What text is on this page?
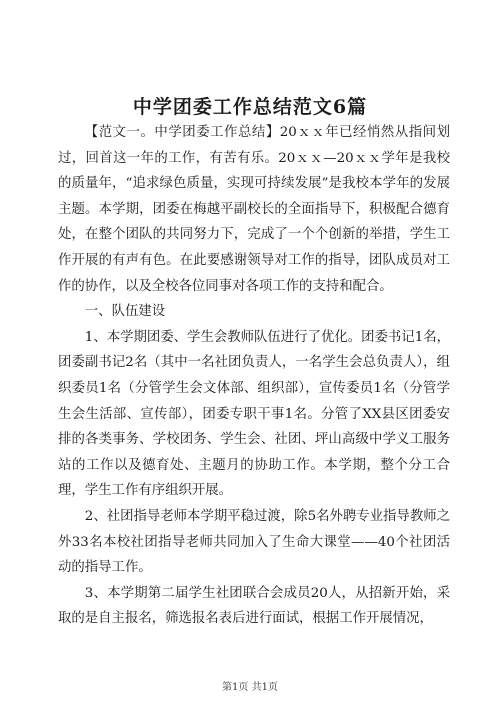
中学团委工作总结范文6篇

【范文一。中学团委工作总结】20ｘｘ年已经悄然从指间划过，回首这一年的工作，有苦有乐。20ｘｘ—20ｘｘ学年是我校的质量年，“追求绿色质量，实现可持续发展”是我校本学年的发展主题。本学期，团委在梅越平副校长的全面指导下，积极配合德育处，在整个团队的共同努力下，完成了一个个创新的举措，学生工作开展的有声有色。在此要感谢领导对工作的指导，团队成员对工作的协作，以及全校各位同事对各项工作的支持和配合。

一、队伍建设

1、本学期团委、学生会教师队伍进行了优化。团委书记1名，团委副书记2名（其中一名社团负责人，一名学生会总负责人），组织委员1名（分管学生会文体部、组织部），宣传委员1名（分管学生会生活部、宣传部），团委专职干事1名。分管了XX县区团委安排的各类事务、学校团务、学生会、社团、坪山高级中学义工服务站的工作以及德育处、主题月的协助工作。本学期，整个分工合理，学生工作有序组织开展。

2、社团指导老师本学期平稳过渡，除5名外聘专业指导教师之外33名本校社团指导老师共同加入了生命大课堂——40个社团活动的指导工作。

3、本学期第二届学生社团联合会成员20人，从招新开始，采取的是自主报名，筛选报名表后进行面试，根据工作开展情况，

第1页 共1页
